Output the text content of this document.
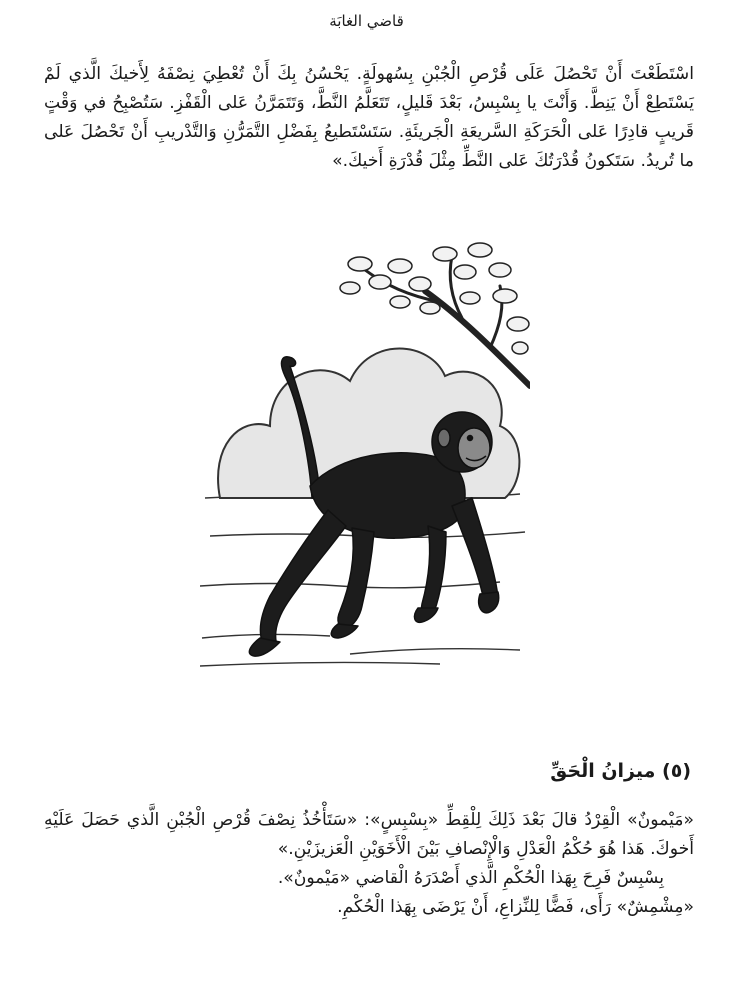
قاضي الغابَة

اسْتَطَعْتَ أَنْ تَحْصُلَ عَلَى قُرْصِ الْجُبْنِ بِسُهولَةٍ. يَحْسُنُ بِكَ أَنْ تُعْطِيَ نِصْفَهُ لِأَخيكَ الَّذي لَمْ يَسْتَطِعْ أَنْ يَنِطَّ. وَأَنْتَ يا بِسْبِسُ، بَعْدَ قَليلٍ، تَتَعَلَّمُ النَّطَّ، وَتَتَمَرَّنُ عَلى الْقَفْزِ. سَتُصْبِحُ في وَقْتٍ قَريبٍ قادِرًا عَلى الْحَرَكَةِ السَّريعَةِ الْجَريئَةِ. سَتَسْتَطيعُ بِفَضْلِ التَّمَرُّنِ وَالتَّدْريبِ أَنْ تَحْصُلَ عَلى ما تُريدُ. سَتَكونُ قُدْرَتُكَ عَلى النَّطِّ مِثْلَ قُدْرَةِ أَخيكَ.»

(٥) ميزانُ الْحَقِّ
«مَيْمونٌ» الْقِرْدُ قالَ بَعْدَ ذَلِكَ لِلْقِطِّ «بِسْبِسٍ»: «سَتَأْخُذُ نِصْفَ قُرْصِ الْجُبْنِ الَّذي حَصَلَ عَلَيْهِ أَخوكَ. هَذا هُوَ حُكْمُ الْعَدْلِ وَالْإِنْصافِ بَيْنَ الْأَخَوَيْنِ الْعَزيزَيْنِ.»
بِسْبِسٌ فَرِحَ بِهَذا الْحُكْمِ الَّذي أَصْدَرَهُ الْقاضي «مَيْمونٌ».
«مِشْمِشٌ» رَأَى، فَضًّا لِلنِّزاعِ، أَنْ يَرْضَى بِهَذا الْحُكْمِ.
